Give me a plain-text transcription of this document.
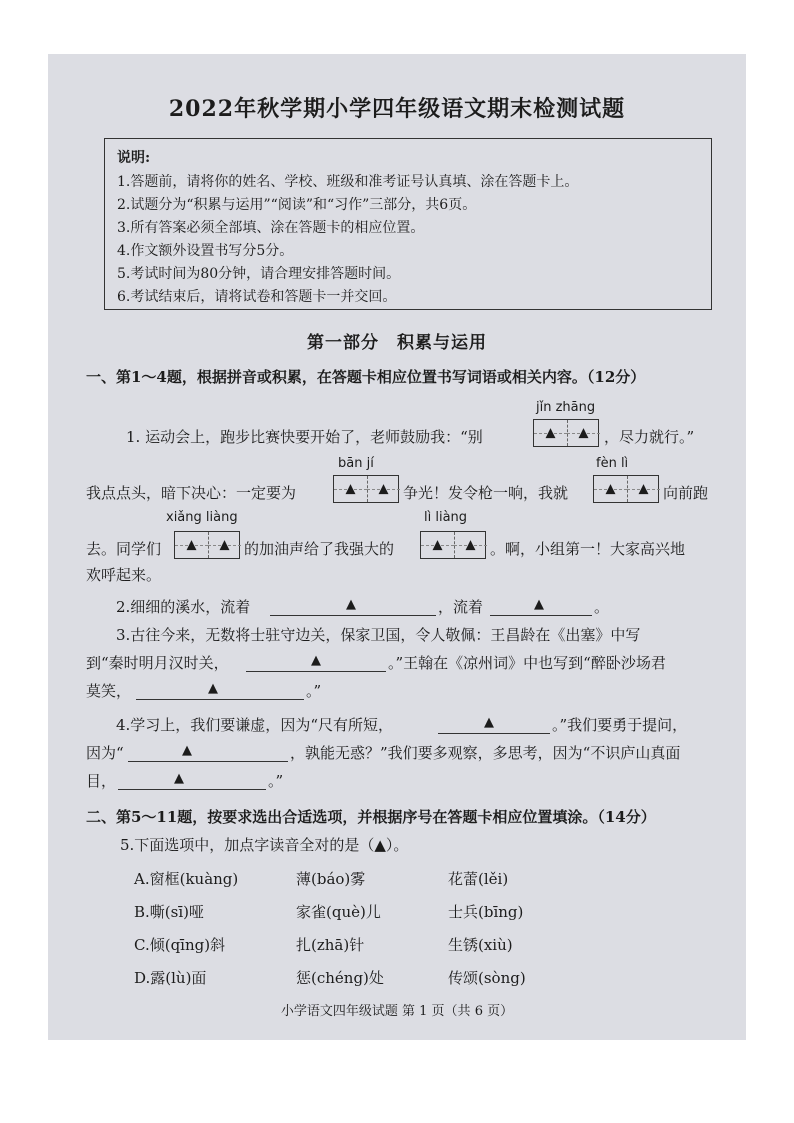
2022年秋学期小学四年级语文期末检测试题
说明:
1.答题前，请将你的姓名、学校、班级和准考证号认真填、涂在答题卡上。
2.试题分为“积累与运用”“阅读”和“习作”三部分，共6页。
3.所有答案必须全部填、涂在答题卡的相应位置。
4.作文额外设置书写分5分。
5.考试时间为80分钟，请合理安排答题时间。
6.考试结束后，请将试卷和答题卡一并交回。
第一部分　积累与运用
一、第1～4题，根据拼音或积累，在答题卡相应位置书写词语或相关内容。（12分）
jǐn zhāng
1. 运动会上，跑步比赛快要开始了，老师鼓励我：“别	▲ ▲ ，尽力就行。”
bān jí	fèn lì
我点点头，暗下决心：一定要为	▲ ▲ 争光！发令枪一响，我就	▲ ▲ 向前跑
xiǎng liàng	lì liàng
去。同学们 ▲ ▲ 的加油声给了我强大的	▲ ▲ 。啊，小组第一！大家高兴地
欢呼起来。
2.细细的溪水，流着	▲	，流着	▲	。
3.古往今来，无数将士驻守边关，保家卫国，令人敬佩：王昌龄在《出塞》中写
到“秦时明月汉时关，	▲	。”王翰在《凉州词》中也写到“醉卧沙场君
莫笑，	▲	。”
4.学习上，我们要谦虚，因为“尺有所短，	▲	。”我们要勇于提问，
因为“	▲	，孰能无惑？”我们要多观察，多思考，因为“不识庐山真面
目，	▲	。”
二、第5～11题，按要求选出合适选项，并根据序号在答题卡相应位置填涂。（14分）
5.下面选项中，加点字读音全对的是（▲）。
A.窗框(kuàng)	薄(báo)雾	花蕾(lěi)
B.嘶(sī)哑	家雀(què)儿	士兵(bīng)
C.倾(qīng)斜	扎(zhā)针	生锈(xiù)
D.露(lù)面	惩(chéng)处	传颂(sòng)
小学语文四年级试题 第 1 页（共 6 页）
